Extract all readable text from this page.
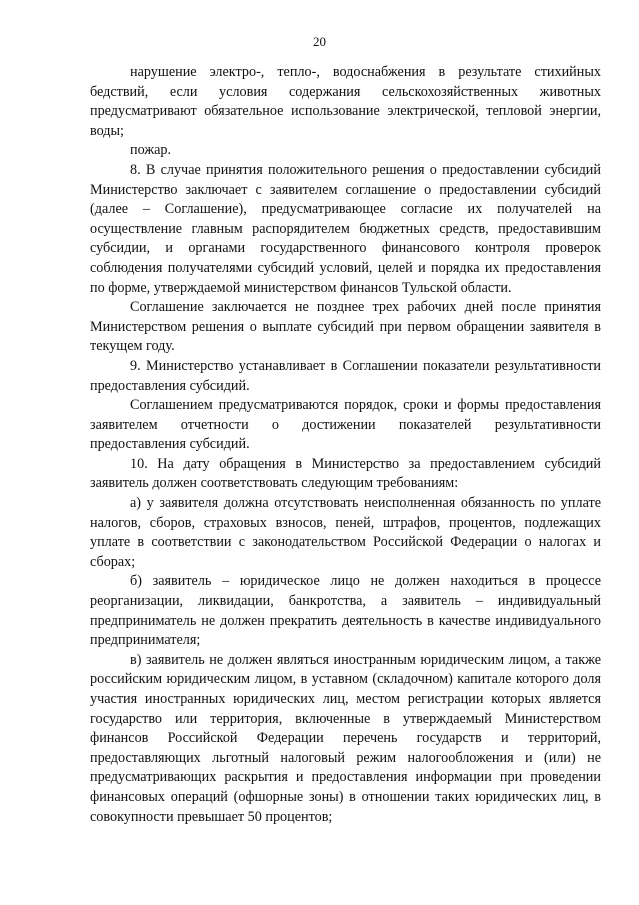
20

нарушение электро-, тепло-, водоснабжения в результате стихийных бедствий, если условия содержания сельскохозяйственных животных предусматривают обязательное использование электрической, тепловой энергии, воды;

пожар.

8. В случае принятия положительного решения о предоставлении субсидий Министерство заключает с заявителем соглашение о предоставлении субсидий (далее – Соглашение), предусматривающее согласие их получателей на осуществление главным распорядителем бюджетных средств, предоставившим субсидии, и органами государственного финансового контроля проверок соблюдения получателями субсидий условий, целей и порядка их предоставления по форме, утверждаемой министерством финансов Тульской области.

Соглашение заключается не позднее трех рабочих дней после принятия Министерством решения о выплате субсидий при первом обращении заявителя в текущем году.

9. Министерство устанавливает в Соглашении показатели результативности предоставления субсидий.

Соглашением предусматриваются порядок, сроки и формы предоставления заявителем отчетности о достижении показателей результативности предоставления субсидий.

10. На дату обращения в Министерство за предоставлением субсидий заявитель должен соответствовать следующим требованиям:

а) у заявителя должна отсутствовать неисполненная обязанность по уплате налогов, сборов, страховых взносов, пеней, штрафов, процентов, подлежащих уплате в соответствии с законодательством Российской Федерации о налогах и сборах;

б) заявитель – юридическое лицо не должен находиться в процессе реорганизации, ликвидации, банкротства, а заявитель – индивидуальный предприниматель не должен прекратить деятельность в качестве индивидуального предпринимателя;

в) заявитель не должен являться иностранным юридическим лицом, а также российским юридическим лицом, в уставном (складочном) капитале которого доля участия иностранных юридических лиц, местом регистрации которых является государство или территория, включенные в утверждаемый Министерством финансов Российской Федерации перечень государств и территорий, предоставляющих льготный налоговый режим налогообложения и (или) не предусматривающих раскрытия и предоставления информации при проведении финансовых операций (офшорные зоны) в отношении таких юридических лиц, в совокупности превышает 50 процентов;
